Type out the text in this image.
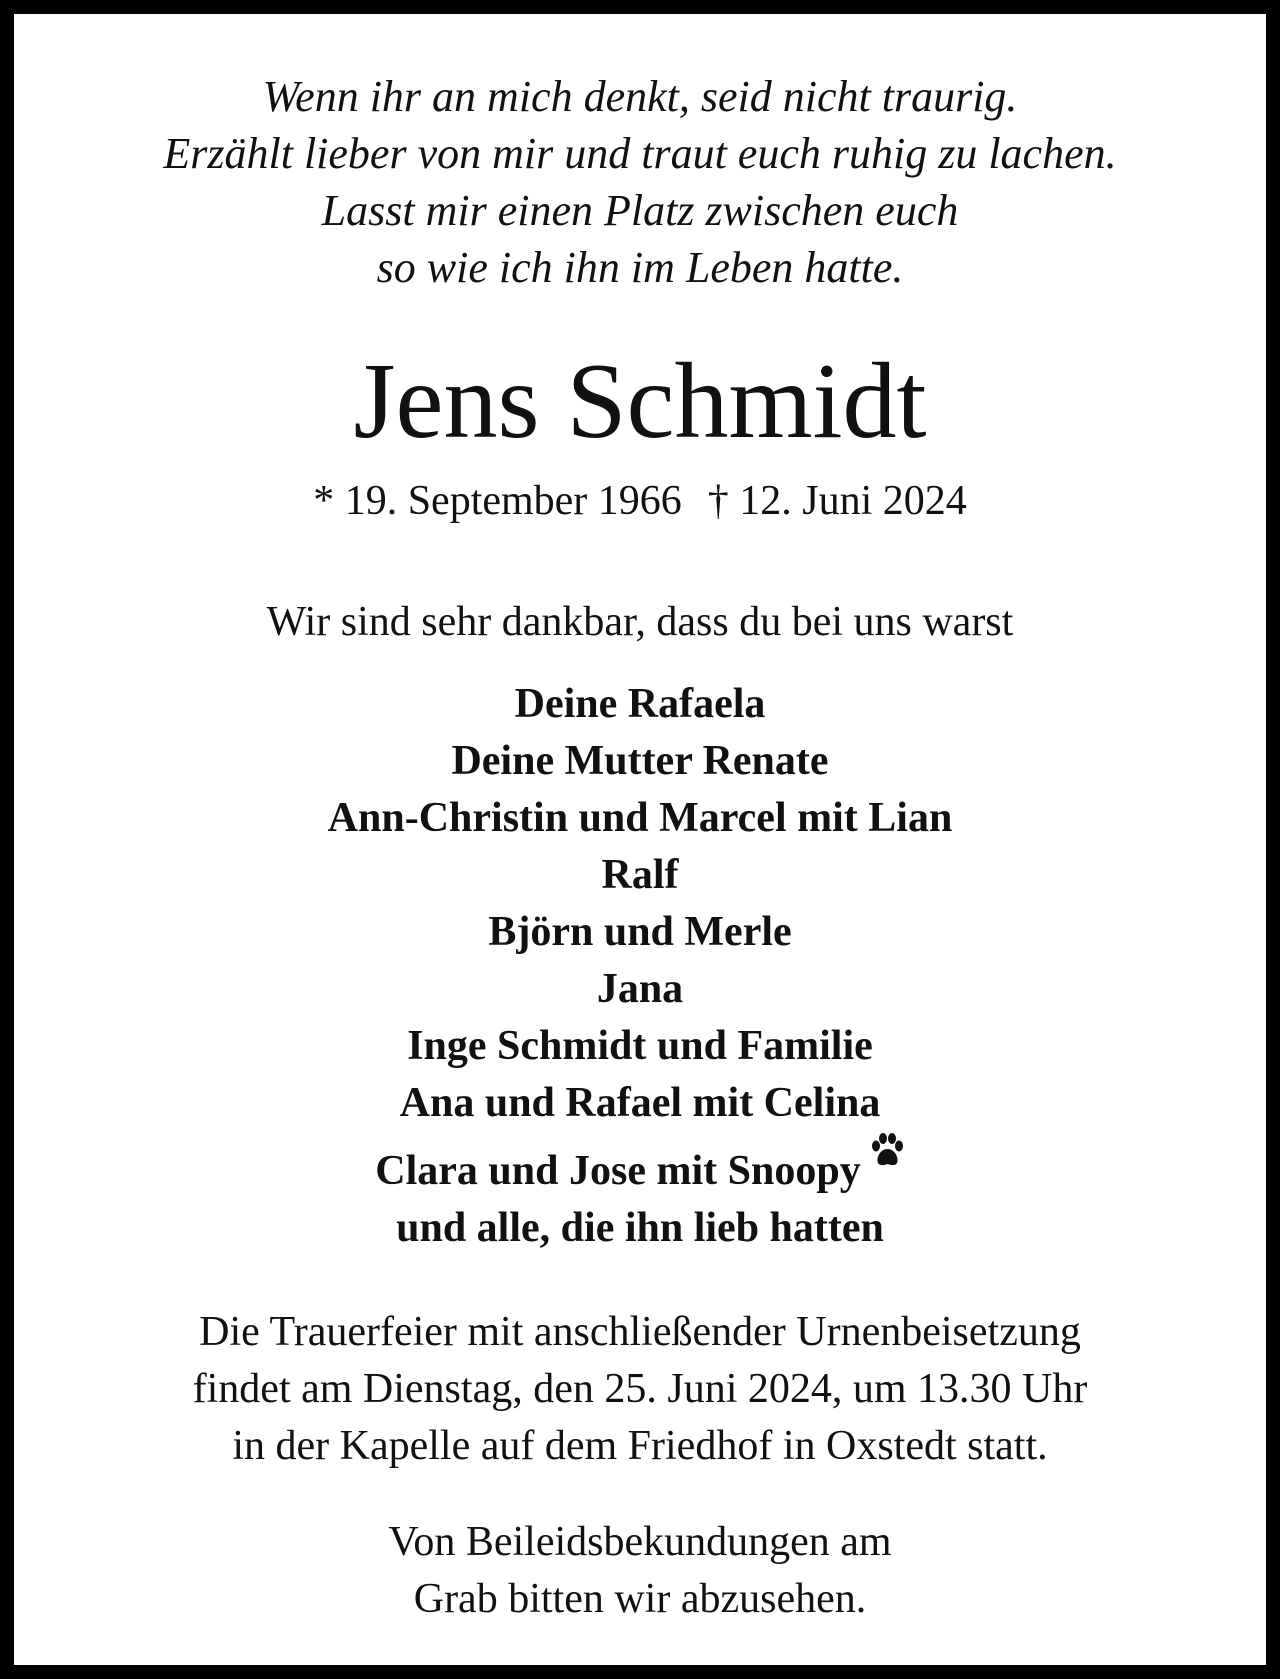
Wenn ihr an mich denkt, seid nicht traurig.
Erzählt lieber von mir und traut euch ruhig zu lachen.
Lasst mir einen Platz zwischen euch
so wie ich ihn im Leben hatte.
Jens Schmidt
* 19. September 1966 † 12. Juni 2024
Wir sind sehr dankbar, dass du bei uns warst
Deine Rafaela
Deine Mutter Renate
Ann-Christin und Marcel mit Lian
Ralf
Björn und Merle
Jana
Inge Schmidt und Familie
Ana und Rafael mit Celina
Clara und Jose mit Snoopy
und alle, die ihn lieb hatten
Die Trauerfeier mit anschließender Urnenbeisetzung
findet am Dienstag, den 25. Juni 2024, um 13.30 Uhr
in der Kapelle auf dem Friedhof in Oxstedt statt.
Von Beileidsbekundungen am
Grab bitten wir abzusehen.
